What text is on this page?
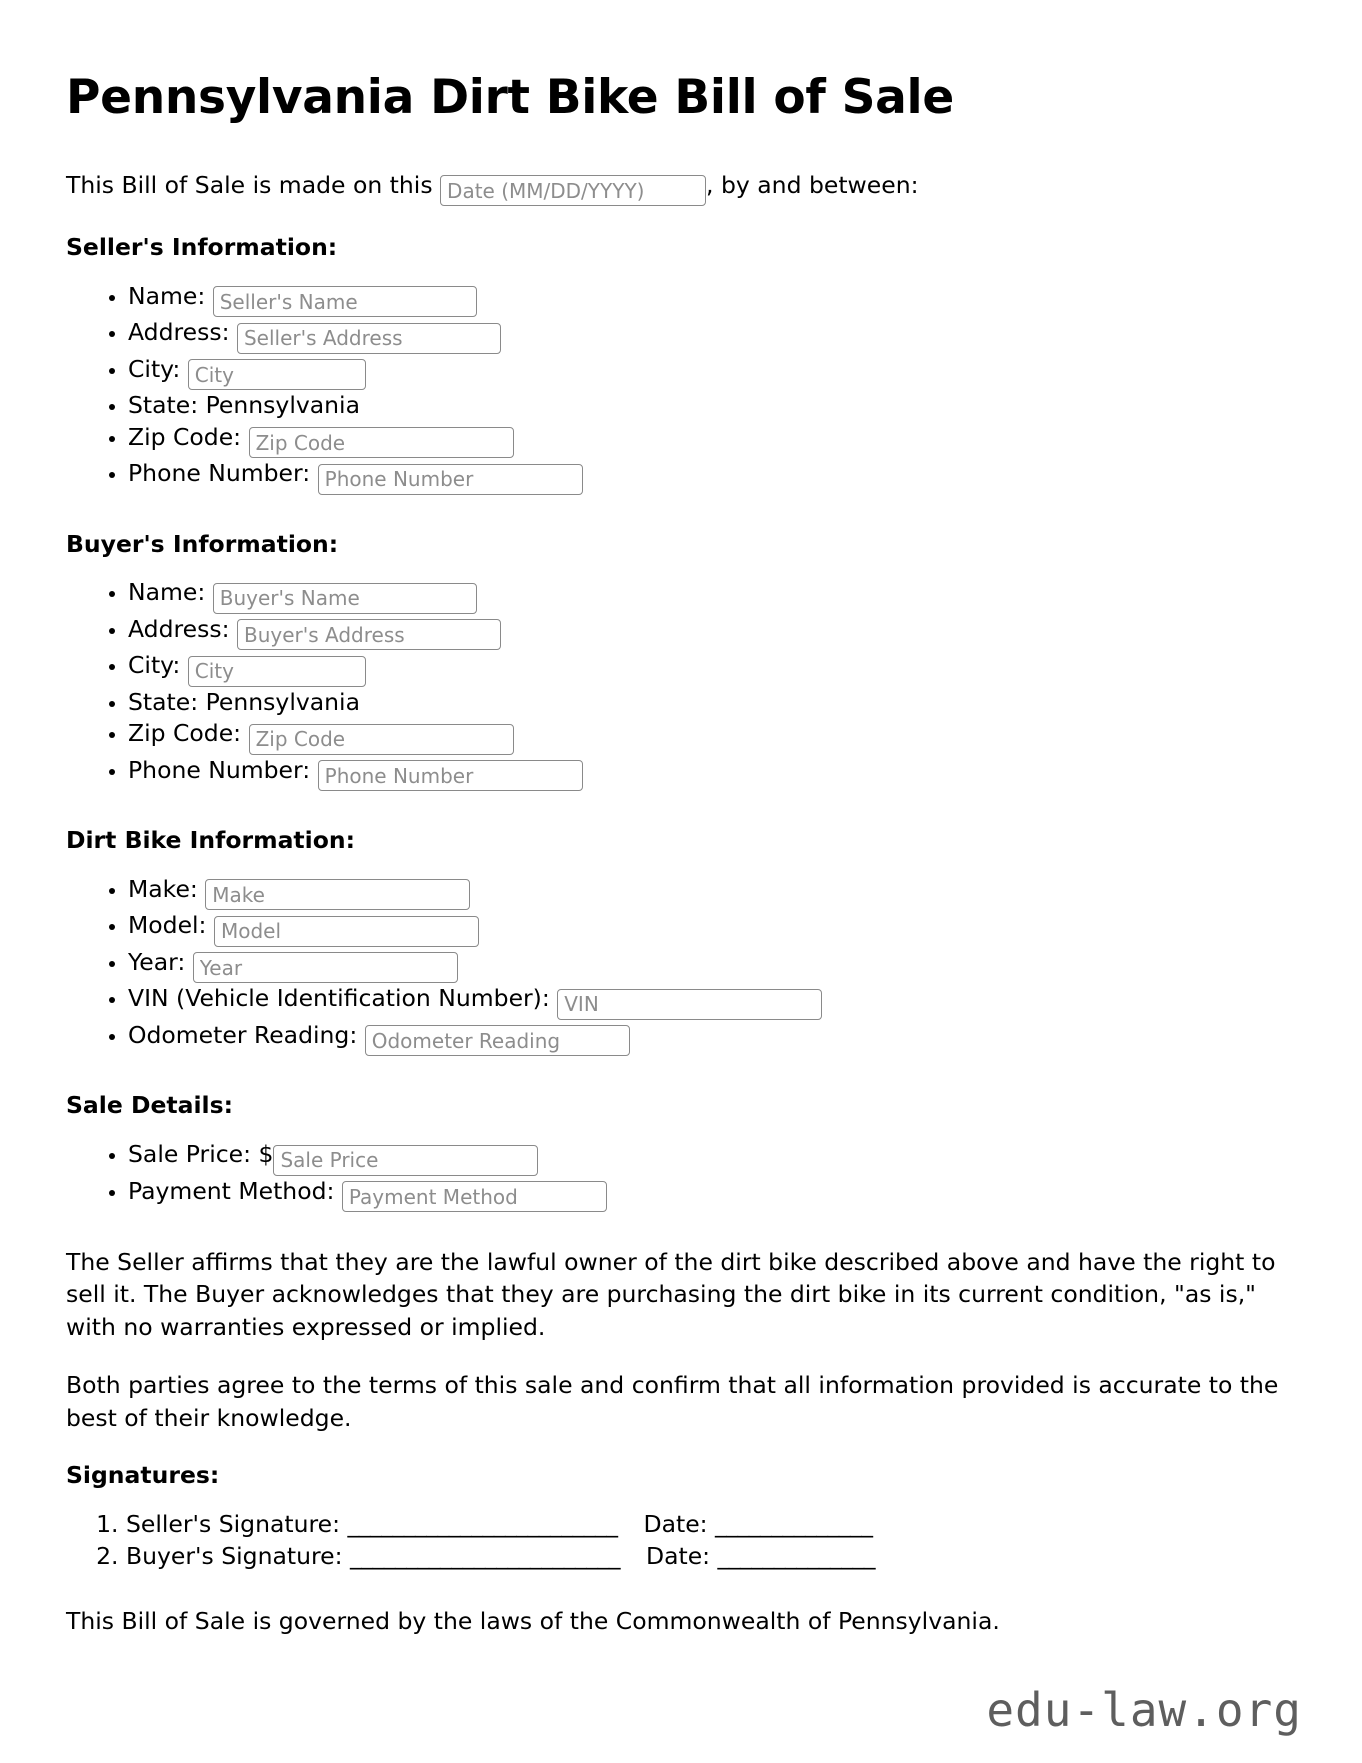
Pennsylvania Dirt Bike Bill of Sale

This Bill of Sale is made on this Date (MM/DD/YYYY)	, by and between:

Seller's Information:
• Name: Seller's Name
• Address: Seller's Address
• City: City
• State: Pennsylvania
• Zip Code: Zip Code
• Phone Number: Phone Number
Buyer's Information:
• Name: Buyer's Name
• Address: Buyer's Address
• City: City
• State: Pennsylvania
• Zip Code: Zip Code
• Phone Number: Phone Number
Dirt Bike Information:
• Make: Make
• Model: Model
• Year: Year
• VIN (Vehicle Identification Number): VIN
• Odometer Reading: Odometer Reading
Sale Details:
• Sale Price: $Sale Price
• Payment Method: Payment Method

The Seller affirms that they are the lawful owner of the dirt bike described above and have the right to sell it. The Buyer acknowledges that they are purchasing the dirt bike in its current condition, "as is," with no warranties expressed or implied.

Both parties agree to the terms of this sale and confirm that all information provided is accurate to the best of their knowledge.

Signatures:
1. Seller's Signature: ________________________ Date: ______________
2. Buyer's Signature: ________________________ Date: ______________

This Bill of Sale is governed by the laws of the Commonwealth of Pennsylvania.

edu-law.org
